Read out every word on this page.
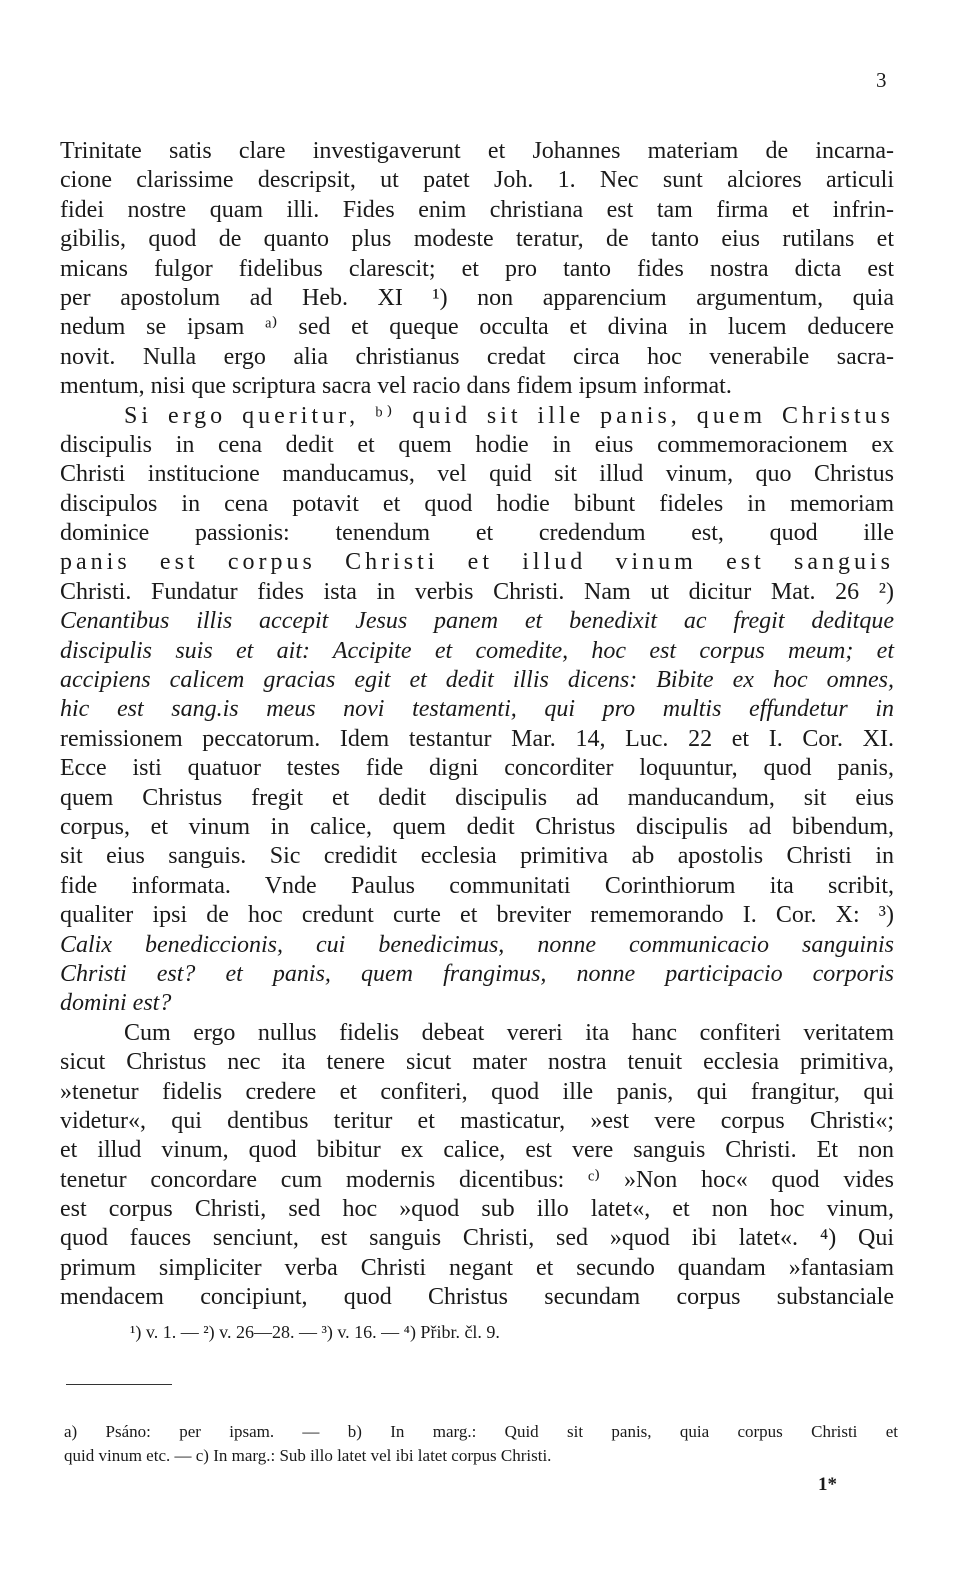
3
Trinitate satis clare investigaverunt et Johannes materiam de incarna-
cione clarissime descripsit, ut patet Joh. 1. Nec sunt alciores articuli
fidei nostre quam illi. Fides enim christiana est tam firma et infrin-
gibilis, quod de quanto plus modeste teratur, de tanto eius rutilans et
micans fulgor fidelibus clarescit; et pro tanto fides nostra dicta est
per apostolum ad Heb. XI ¹) non apparencium argumentum, quia
nedum se ipsam ᵃ⁾ sed et queque occulta et divina in lucem deducere
novit. Nulla ergo alia christianus credat circa hoc venerabile sacra-
mentum, nisi que scriptura sacra vel racio dans fidem ipsum informat.
Si ergo queritur, ᵇ⁾ quid sit ille panis, quem Christus
discipulis in cena dedit et quem hodie in eius commemoracionem ex
Christi institucione manducamus, vel quid sit illud vinum, quo Christus
discipulos in cena potavit et quod hodie bibunt fideles in memoriam
dominice passionis: tenendum et credendum est, quod ille
panis est corpus Christi et illud vinum est sanguis
Christi. Fundatur fides ista in verbis Christi. Nam ut dicitur Mat. 26 ²)
Cenantibus illis accepit Jesus panem et benedixit ac fregit deditque
discipulis suis et ait: Accipite et comedite, hoc est corpus meum; et
accipiens calicem gracias egit et dedit illis dicens: Bibite ex hoc omnes,
hic est sang.is meus novi testamenti, qui pro multis effundetur in
remissionem peccatorum. Idem testantur Mar. 14, Luc. 22 et I. Cor. XI.
Ecce isti quatuor testes fide digni concorditer loquuntur, quod panis,
quem Christus fregit et dedit discipulis ad manducandum, sit eius
corpus, et vinum in calice, quem dedit Christus discipulis ad bibendum,
sit eius sanguis. Sic credidit ecclesia primitiva ab apostolis Christi in
fide informata. Vnde Paulus communitati Corinthiorum ita scribit,
qualiter ipsi de hoc credunt curte et breviter rememorando I. Cor. X: ³)
Calix benediccionis, cui benedicimus, nonne communicacio sanguinis
Christi est? et panis, quem frangimus, nonne participacio corporis
domini est?
Cum ergo nullus fidelis debeat vereri ita hanc confiteri veritatem
sicut Christus nec ita tenere sicut mater nostra tenuit ecclesia primitiva,
»tenetur fidelis credere et confiteri, quod ille panis, qui frangitur, qui
videtur«, qui dentibus teritur et masticatur, »est vere corpus Christi«;
et illud vinum, quod bibitur ex calice, est vere sanguis Christi. Et non
tenetur concordare cum modernis dicentibus: ᶜ⁾ »Non hoc« quod vides
est corpus Christi, sed hoc »quod sub illo latet«, et non hoc vinum,
quod fauces senciunt, est sanguis Christi, sed »quod ibi latet«. ⁴) Qui
primum simpliciter verba Christi negant et secundo quandam »fantasiam
mendacem concipiunt, quod Christus secundam corpus substanciale
¹) v. 1. — ²) v. 26—28. — ³) v. 16. — ⁴) Přibr. čl. 9.
a) Psáno: per ipsam. — b) In marg.: Quid sit panis, quia corpus Christi et
quid vinum etc. — c) In marg.: Sub illo latet vel ibi latet corpus Christi.
1*
